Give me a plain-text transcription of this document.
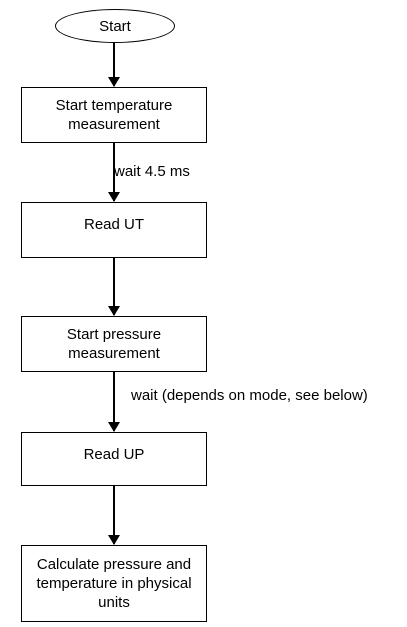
Start
Start temperature
measurement
wait 4.5 ms
Read UT
Start pressure
measurement
wait (depends on mode, see below)
Read UP
Calculate pressure and
temperature in physical
units
